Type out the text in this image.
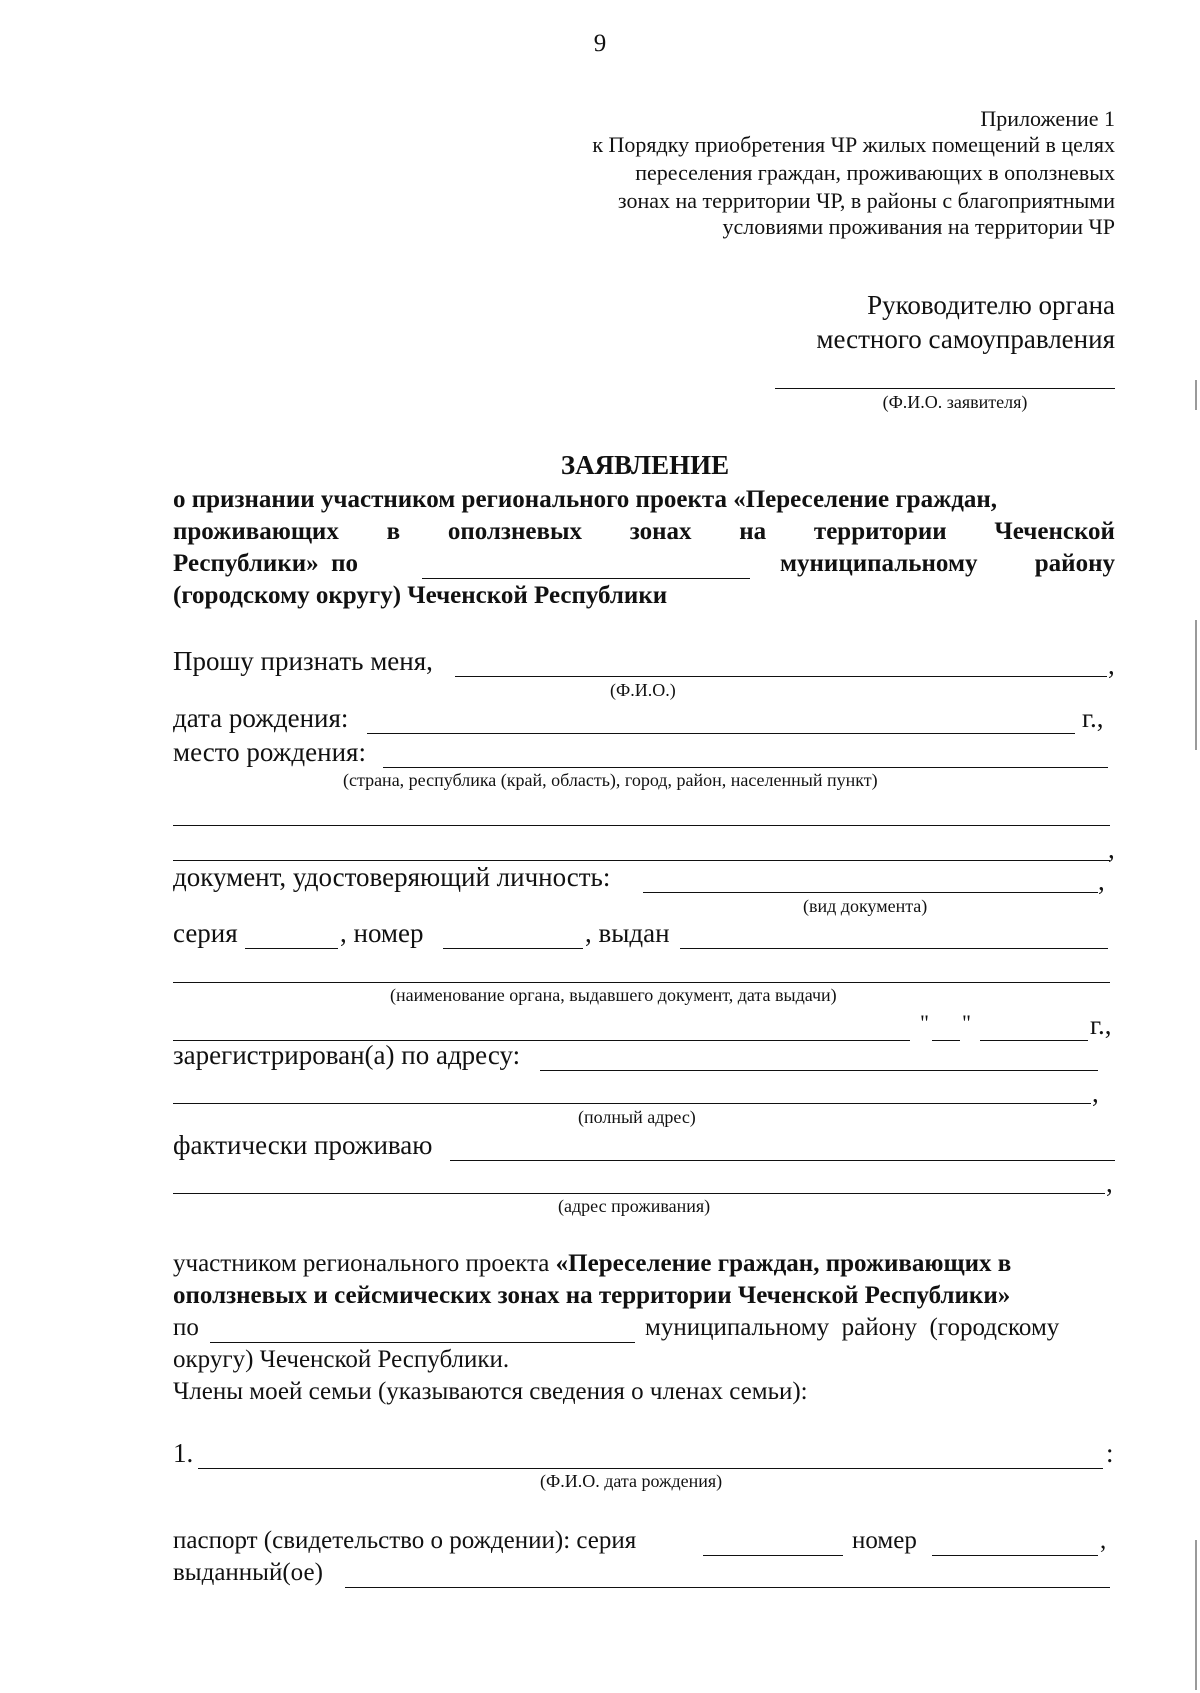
9
Приложение 1
к Порядку приобретения ЧР жилых помещений в целях
переселения граждан, проживающих в оползневых
зонах на территории ЧР, в районы с благоприятными
условиями проживания на территории ЧР
Руководителю органа
местного самоуправления
(Ф.И.О. заявителя)
ЗАЯВЛЕНИЕ
о признании участником регионального проекта «Переселение граждан,
проживающих в оползневых зонах на территории Чеченской
Республики»  по	муниципальному району
(городскому округу) Чеченской Республики
Прошу признать меня,	,
(Ф.И.О.)
дата рождения:	г.,
место рождения:
(страна, республика (край, область), город, район, населенный пункт)
,
документ, удостоверяющий личность:	,
(вид документа)
серия	, номер	, выдан
(наименование органа, выдавшего документ, дата выдачи)
" "	г.,
зарегистрирован(а) по адресу:
,
(полный адрес)
фактически проживаю
,
(адрес проживания)
участником регионального проекта «Переселение граждан, проживающих в
оползневых и сейсмических зонах на территории Чеченской Республики»
по	муниципальному  району  (городскому
округу) Чеченской Республики.
Члены моей семьи (указываются сведения о членах семьи):
1.	:
(Ф.И.О. дата рождения)
паспорт (свидетельство о рождении): серия	номер	,
выданный(ое)
